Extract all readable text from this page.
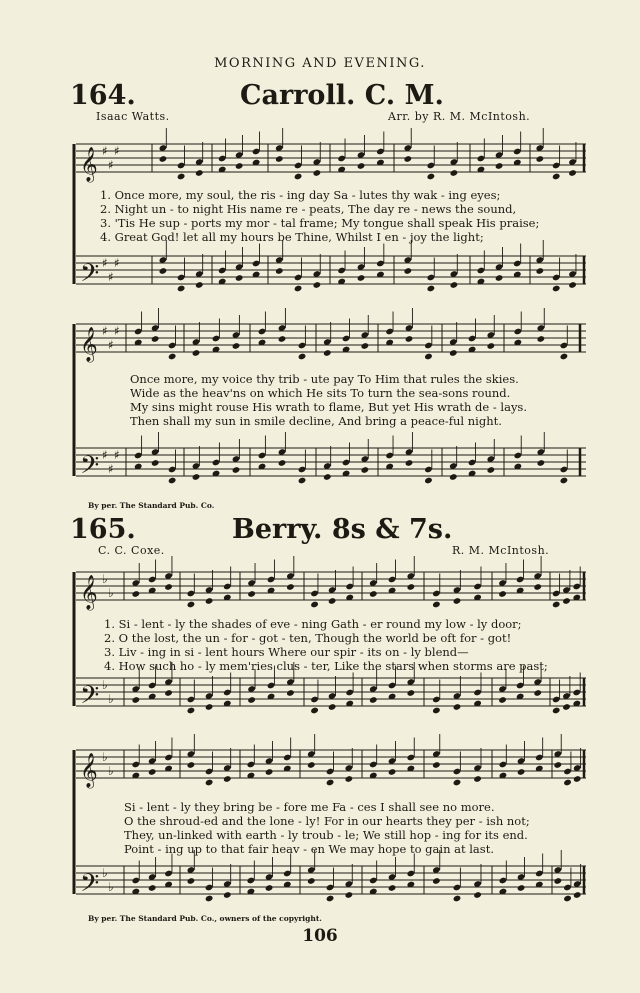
MORNING AND EVENING.
164.	Carroll. C. M.
Isaac Watts.	Arr. by R. M. McIntosh.
𝄞 ♯
♯
♯
𝄢 ♯
♯
♯
1. Once more, my soul, the ris - ing day Sa - lutes thy wak - ing eyes;
2. Night un - to night His name re - peats, The day re - news the sound,
3. 'Tis He sup - ports my mor - tal frame; My tongue shall speak His praise;
4. Great God! let all my hours be Thine, Whilst I en - joy the light;
𝄞 ♯
♯
♯
𝄢 ♯
♯
♯
Once more, my voice thy trib - ute pay To Him that rules the skies.
Wide as the heav'ns on which He sits To turn the sea-sons round.
My sins might rouse His wrath to flame, But yet His wrath de - lays.
Then shall my sun in smile decline, And bring a peace-ful night.
By per. The Standard Pub. Co.
165.	Berry. 8s & 7s.
C. C. Coxe.	R. M. McIntosh.
𝄞 ♭
♭
𝄢 ♭
♭
1. Si - lent - ly the shades of eve - ning Gath - er round my low - ly door;
2. O the lost, the un - for - got - ten, Though the world be oft for - got!
3. Liv - ing in si - lent hours Where our spir - its on - ly blend—
4. How such ho - ly mem'ries clus - ter, Like the stars when storms are past;
𝄞 ♭
♭
𝄢 ♭
♭
Si - lent - ly they bring be - fore me Fa - ces I shall see no more.
O the shroud-ed and the lone - ly! For in our hearts they per - ish not;
They, un-linked with earth - ly troub - le; We still hop - ing for its end.
Point - ing up to that fair heav - en We may hope to gain at last.
By per. The Standard Pub. Co., owners of the copyright.
106
